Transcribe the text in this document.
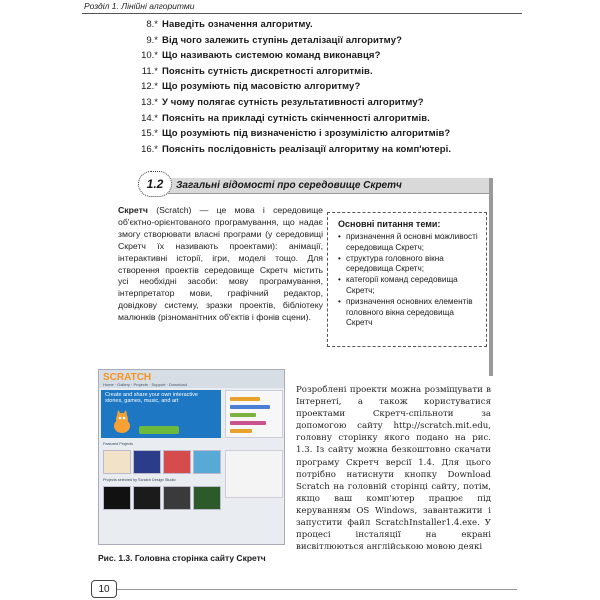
Розділ 1. Лінійні алгоритми
8.* Наведіть означення алгоритму.
9.* Від чого залежить ступінь деталізації алгоритму?
10.* Що називають системою команд виконавця?
11.* Поясніть сутність дискретності алгоритмів.
12.* Що розуміють під масовістю алгоритму?
13.* У чому полягає сутність результативності алгоритму?
14.* Поясніть на прикладі сутність скінченності алгоритмів.
15.* Що розуміють під визначеністю і зрозумілістю алгоритмів?
16.* Поясніть послідовність реалізації алгоритму на комп'ютері.
Загальні відомості про середовище Скретч
1.2
Скретч (Scratch) — це мова і середовище об'єктно-орієнтованого програмування, що надає змогу створювати власні програми (у середовищі Скретч їх називають проектами): анімації, інтерактивні історії, ігри, моделі тощо. Для створення проектів середовище Скретч містить усі необхідні засоби: мову програмування, інтерпретатор мови, графічний редактор, довідкову систему, зразки проектів, бібліотеку малюнків (різноманітних об'єктів і фонів сцени).
Основні питання теми:
• призначення й основні можливості середовища Скретч;
• структура головного вікна середовища Скретч;
• категорії команд середовища Скретч;
• призначення основних елементів головного вікна середовища Скретч
SCRATCH
Home · Gallery · Projects · Support · Download
Create and share your own interactive stories, games, music, and art
Featured Projects
Projects selected by Scratch Design Studio
Рис. 1.3. Головна сторінка сайту Скретч
Розроблені проекти можна розміщувати в Інтернеті, а також користуватися проектами Скретч-спільноти за допомогою сайту http://scratch.mit.edu, головну сторінку якого подано на рис. 1.3. Із сайту можна безкоштовно скачати програму Скретч версії 1.4. Для цього потрібно натиснути кнопку Download Scratch на головній сторінці сайту, потім, якщо ваш комп'ютер працює під керуванням OS Windows, завантажити і запустити файл ScratchInstaller1.4.exe. У процесі інсталяції на екрані висвітлюються англійською мовою деякі
10
